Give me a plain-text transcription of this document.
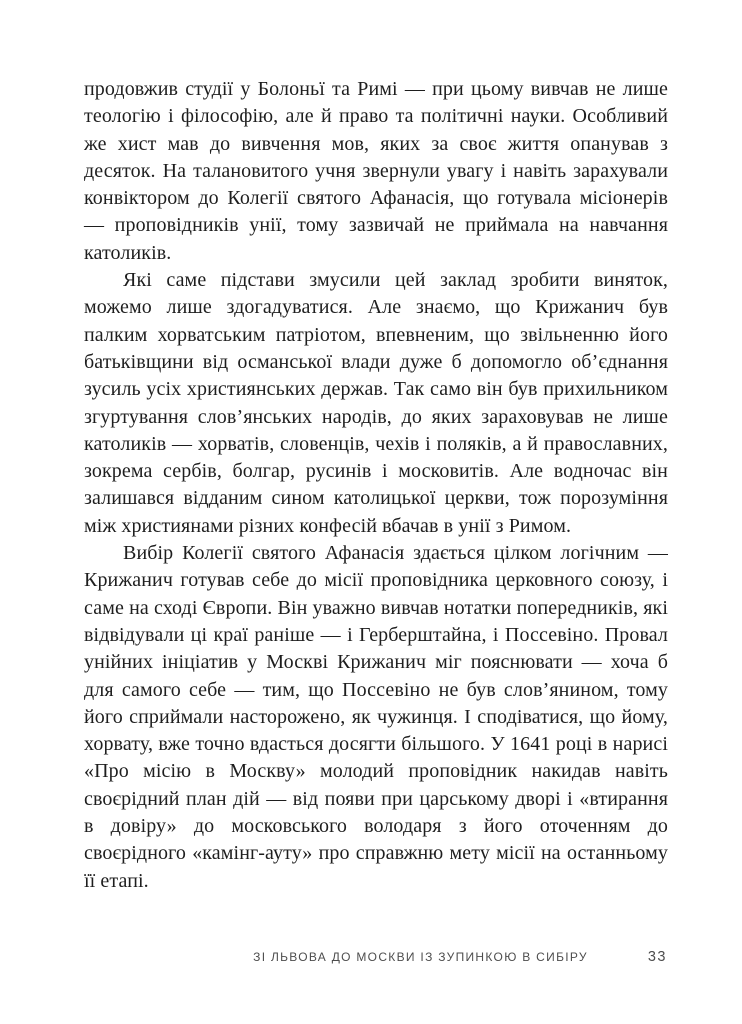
продовжив студії у Болоньї та Римі — при цьому вивчав не лише теологію і філософію, але й право та політичні науки. Особливий же хист мав до вивчення мов, яких за своє життя опанував з десяток. На талановитого учня звернули увагу і навіть зарахували конвіктором до Колегії святого Афанасія, що готувала місіонерів — проповідників унії, тому зазвичай не приймала на навчання католиків.

Які саме підстави змусили цей заклад зробити виняток, можемо лише здогадуватися. Але знаємо, що Крижанич був палким хорватським патріотом, впевненим, що звільненню його батьківщини від османської влади дуже б допомогло об’єднання зусиль усіх християнських держав. Так само він був прихильником згуртування слов’янських народів, до яких зараховував не лише католиків — хорватів, словенців, чехів і поляків, а й православних, зокрема сербів, болгар, русинів і московитів. Але водночас він залишався відданим сином католицької церкви, тож порозуміння між християнами різних конфесій вбачав в унії з Римом.

Вибір Колегії святого Афанасія здається цілком логічним — Крижанич готував себе до місії проповідника церковного союзу, і саме на сході Європи. Він уважно вивчав нотатки попередників, які відвідували ці краї раніше — і Герберштайна, і Поссевіно. Провал унійних ініціатив у Москві Крижанич міг пояснювати — хоча б для самого себе — тим, що Поссевіно не був слов’янином, тому його сприймали насторожено, як чужинця. І сподіватися, що йому, хорвату, вже точно вдасться досягти більшого. У 1641 році в нарисі «Про місію в Москву» молодий проповідник накидав навіть своєрідний план дій — від появи при царському дворі і «втирання в довіру» до московського володаря з його оточенням до своєрідного «камінг-ауту» про справжню мету місії на останньому її етапі.

ЗІ ЛЬВОВА ДО МОСКВИ ІЗ ЗУПИНКОЮ В СИБІРУ	33
